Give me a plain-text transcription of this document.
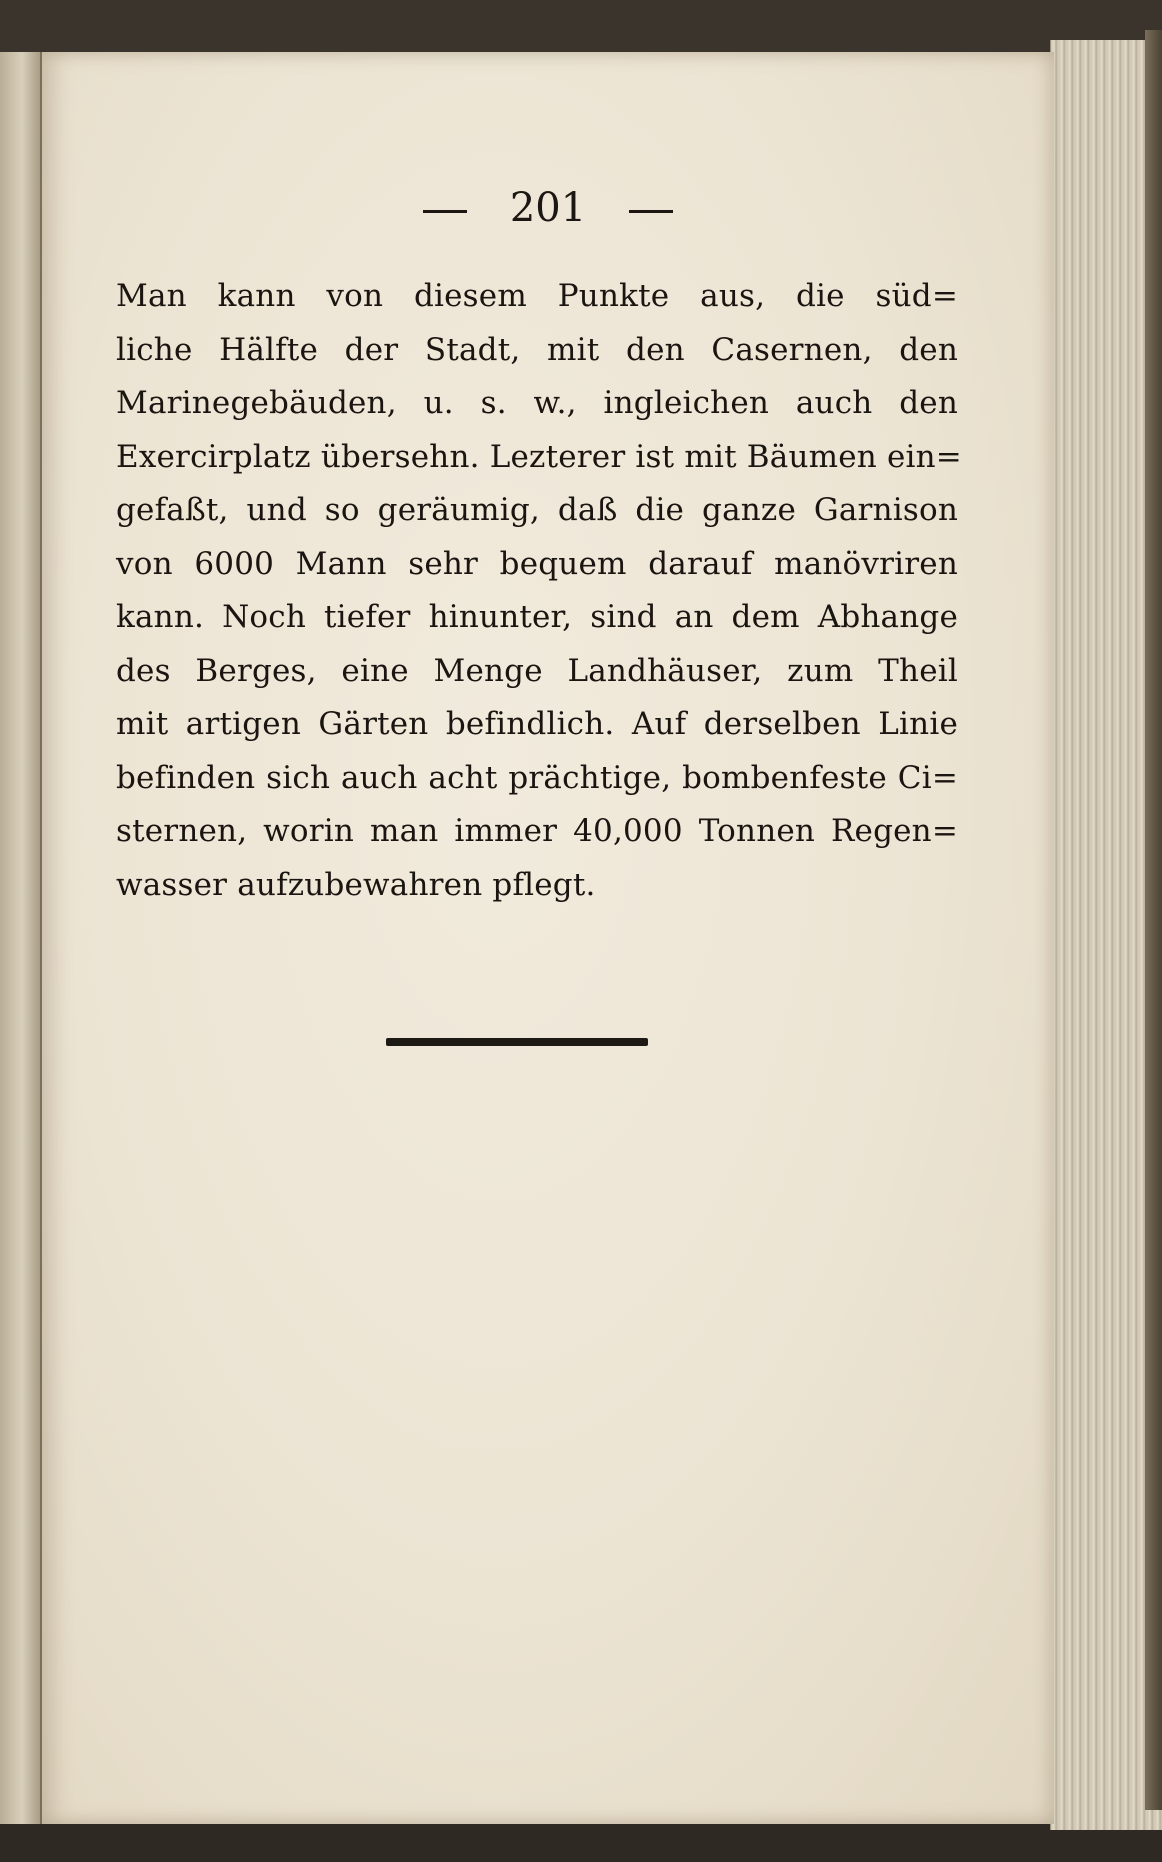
201
Man kann von diesem Punkte aus, die süd=
liche Hälfte der Stadt, mit den Casernen, den
Marinegebäuden, u. s. w., ingleichen auch den
Exercirplatz übersehn. Lezterer ist mit Bäumen ein=
gefaßt, und so geräumig, daß die ganze Garnison
von 6000 Mann sehr bequem darauf manövriren
kann. Noch tiefer hinunter, sind an dem Abhange
des Berges, eine Menge Landhäuser, zum Theil
mit artigen Gärten befindlich. Auf derselben Linie
befinden sich auch acht prächtige, bombenfeste Ci=
sternen, worin man immer 40,000 Tonnen Regen=
wasser aufzubewahren pflegt.
